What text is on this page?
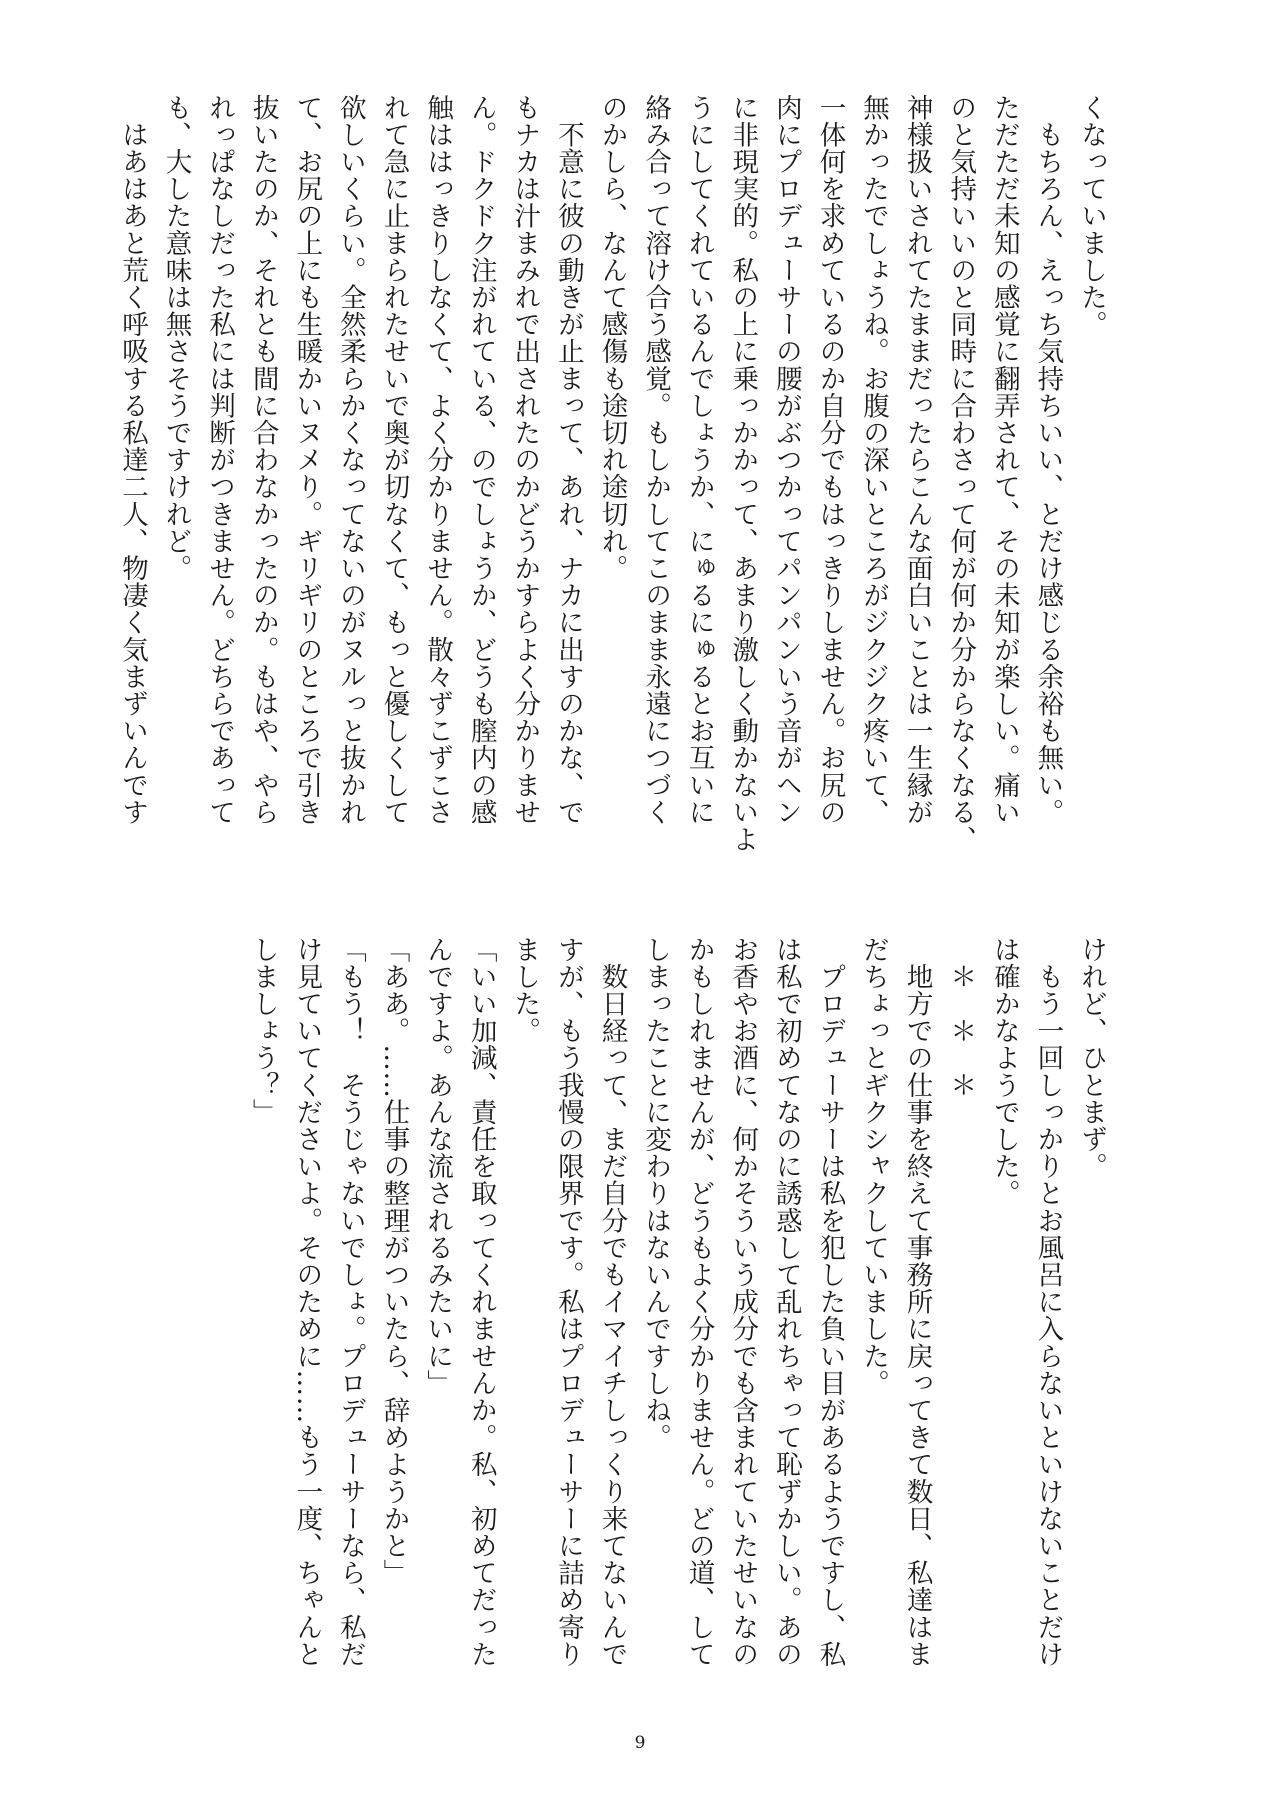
くなっていました。
　もちろん、えっち気持ちいい、とだけ感じる余裕も無い。
ただただ未知の感覚に翻弄されて、その未知が楽しい。痛い
のと気持いいのと同時に合わさって何が何か分からなくなる、
神様扱いされてたままだったらこんな面白いことは一生縁が
無かったでしょうね。お腹の深いところがジクジク疼いて、
一体何を求めているのか自分でもはっきりしません。お尻の
肉にプロデューサーの腰がぶつかってパンパンいう音がヘン
に非現実的。私の上に乗っかかって、あまり激しく動かないよ
うにしてくれているんでしょうか、にゅるにゅるとお互いに
絡み合って溶け合う感覚。もしかしてこのまま永遠につづく
のかしら、なんて感傷も途切れ途切れ。
　不意に彼の動きが止まって、あれ、ナカに出すのかな、で
もナカは汁まみれで出されたのかどうかすらよく分かりませ
ん。ドクドク注がれている、のでしょうか、どうも膣内の感
触ははっきりしなくて、よく分かりません。散々ずこずこさ
れて急に止まられたせいで奥が切なくて、もっと優しくして
欲しいくらい。全然柔らかくなってないのがヌルっと抜かれ
て、お尻の上にも生暖かいヌメり。ギリギリのところで引き
抜いたのか、それとも間に合わなかったのか。もはや、やら
れっぱなしだった私には判断がつきません。どちらであって
も、大した意味は無さそうですけれど。
　はあはあと荒く呼吸する私達二人、物凄く気まずいんです
けれど、ひとまず。
　もう一回しっかりとお風呂に入らないといけないことだけ
は確かなようでした。
　＊　＊　＊
　地方での仕事を終えて事務所に戻ってきて数日、私達はま
だちょっとギクシャクしていました。
　プロデューサーは私を犯した負い目があるようですし、私
は私で初めてなのに誘惑して乱れちゃって恥ずかしい。あの
お香やお酒に、何かそういう成分でも含まれていたせいなの
かもしれませんが、どうもよく分かりません。どの道、して
しまったことに変わりはないんですしね。
　数日経って、まだ自分でもイマイチしっくり来てないんで
すが、もう我慢の限界です。私はプロデューサーに詰め寄り
ました。
「いい加減、責任を取ってくれませんか。私、初めてだった
んですよ。あんな流されるみたいに」
「ああ。……仕事の整理がついたら、辞めようかと」
「もう！　そうじゃないでしょ。プロデューサーなら、私だ
け見ていてくださいよ。そのために……もう一度、ちゃんと
しましょう？」
9
